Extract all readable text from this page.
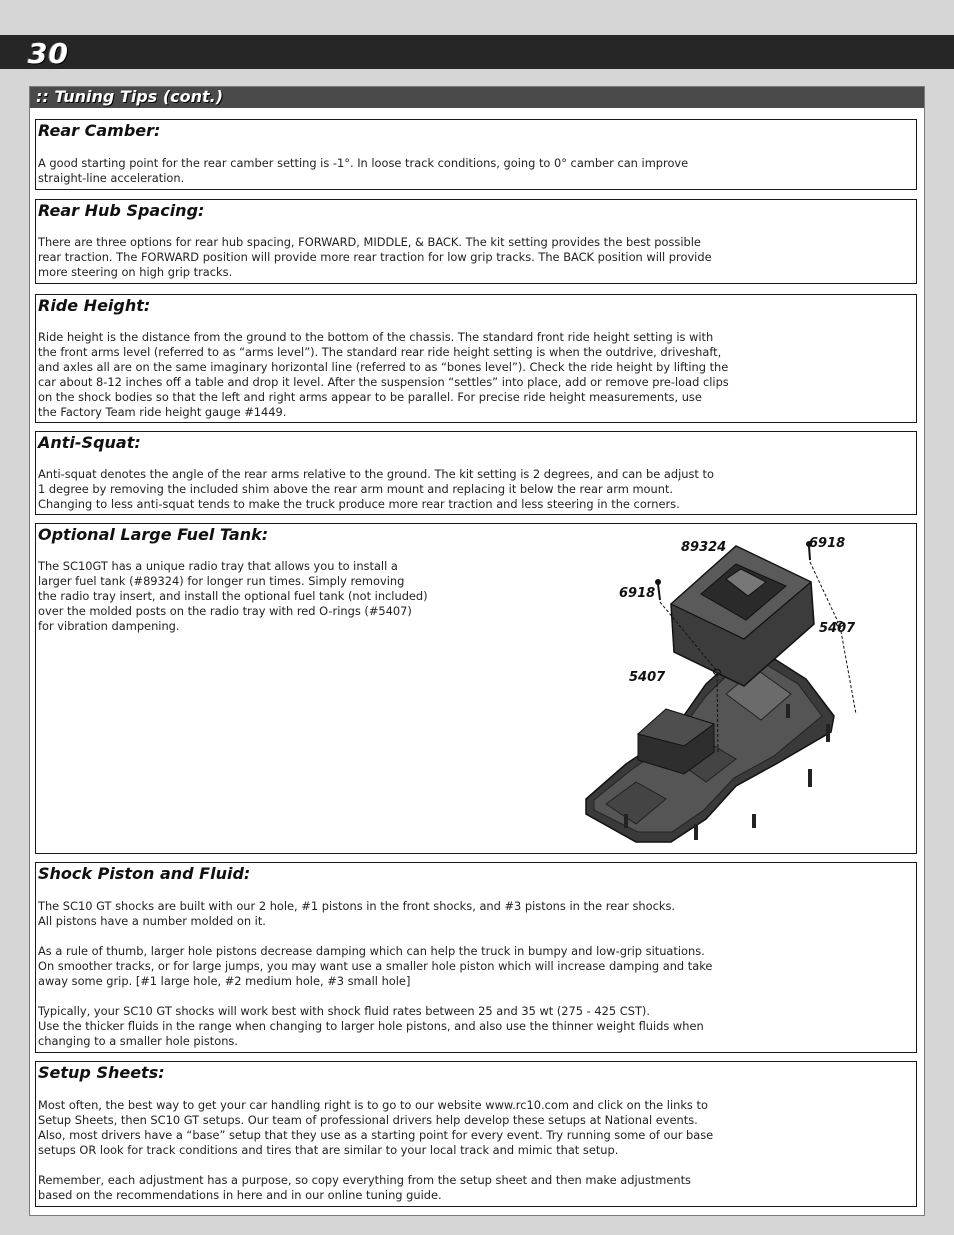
30
:: Tuning Tips (cont.)
Rear Camber:

A good starting point for the rear camber setting is -1°. In loose track conditions, going to 0° camber can improve
straight-line acceleration.

Rear Hub Spacing:

There are three options for rear hub spacing, FORWARD, MIDDLE, & BACK. The kit setting provides the best possible
rear traction. The FORWARD position will provide more rear traction for low grip tracks. The BACK position will provide
more steering on high grip tracks.

Ride Height:

Ride height is the distance from the ground to the bottom of the chassis. The standard front ride height setting is with
the front arms level (referred to as “arms level”). The standard rear ride height setting is when the outdrive, driveshaft,
and axles all are on the same imaginary horizontal line (referred to as “bones level”). Check the ride height by lifting the
car about 8-12 inches off a table and drop it level. After the suspension “settles” into place, add or remove pre-load clips
on the shock bodies so that the left and right arms appear to be parallel. For precise ride height measurements, use
the Factory Team ride height gauge #1449.

Anti-Squat:

Anti-squat denotes the angle of the rear arms relative to the ground. The kit setting is 2 degrees, and can be adjust to
1 degree by removing the included shim above the rear arm mount and replacing it below the rear arm mount.
Changing to less anti-squat tends to make the truck produce more rear traction and less steering in the corners.

Optional Large Fuel Tank:

The SC10GT has a unique radio tray that allows you to install a
larger fuel tank (#89324) for longer run times. Simply removing
the radio tray insert, and install the optional fuel tank (not included)
over the molded posts on the radio tray with red O-rings (#5407)
for vibration dampening.

89324	6918
6918
5407
5407
Shock Piston and Fluid:

The SC10 GT shocks are built with our 2 hole, #1 pistons in the front shocks, and #3 pistons in the rear shocks.
All pistons have a number molded on it.

As a rule of thumb, larger hole pistons decrease damping which can help the truck in bumpy and low-grip situations.
On smoother tracks, or for large jumps, you may want use a smaller hole piston which will increase damping and take
away some grip. [#1 large hole, #2 medium hole, #3 small hole]

Typically, your SC10 GT shocks will work best with shock fluid rates between 25 and 35 wt (275 - 425 CST).
Use the thicker fluids in the range when changing to larger hole pistons, and also use the thinner weight fluids when
changing to a smaller hole pistons.

Setup Sheets:

Most often, the best way to get your car handling right is to go to our website www.rc10.com and click on the links to
Setup Sheets, then SC10 GT setups. Our team of professional drivers help develop these setups at National events.
Also, most drivers have a “base” setup that they use as a starting point for every event. Try running some of our base
setups OR look for track conditions and tires that are similar to your local track and mimic that setup.

Remember, each adjustment has a purpose, so copy everything from the setup sheet and then make adjustments
based on the recommendations in here and in our online tuning guide.
